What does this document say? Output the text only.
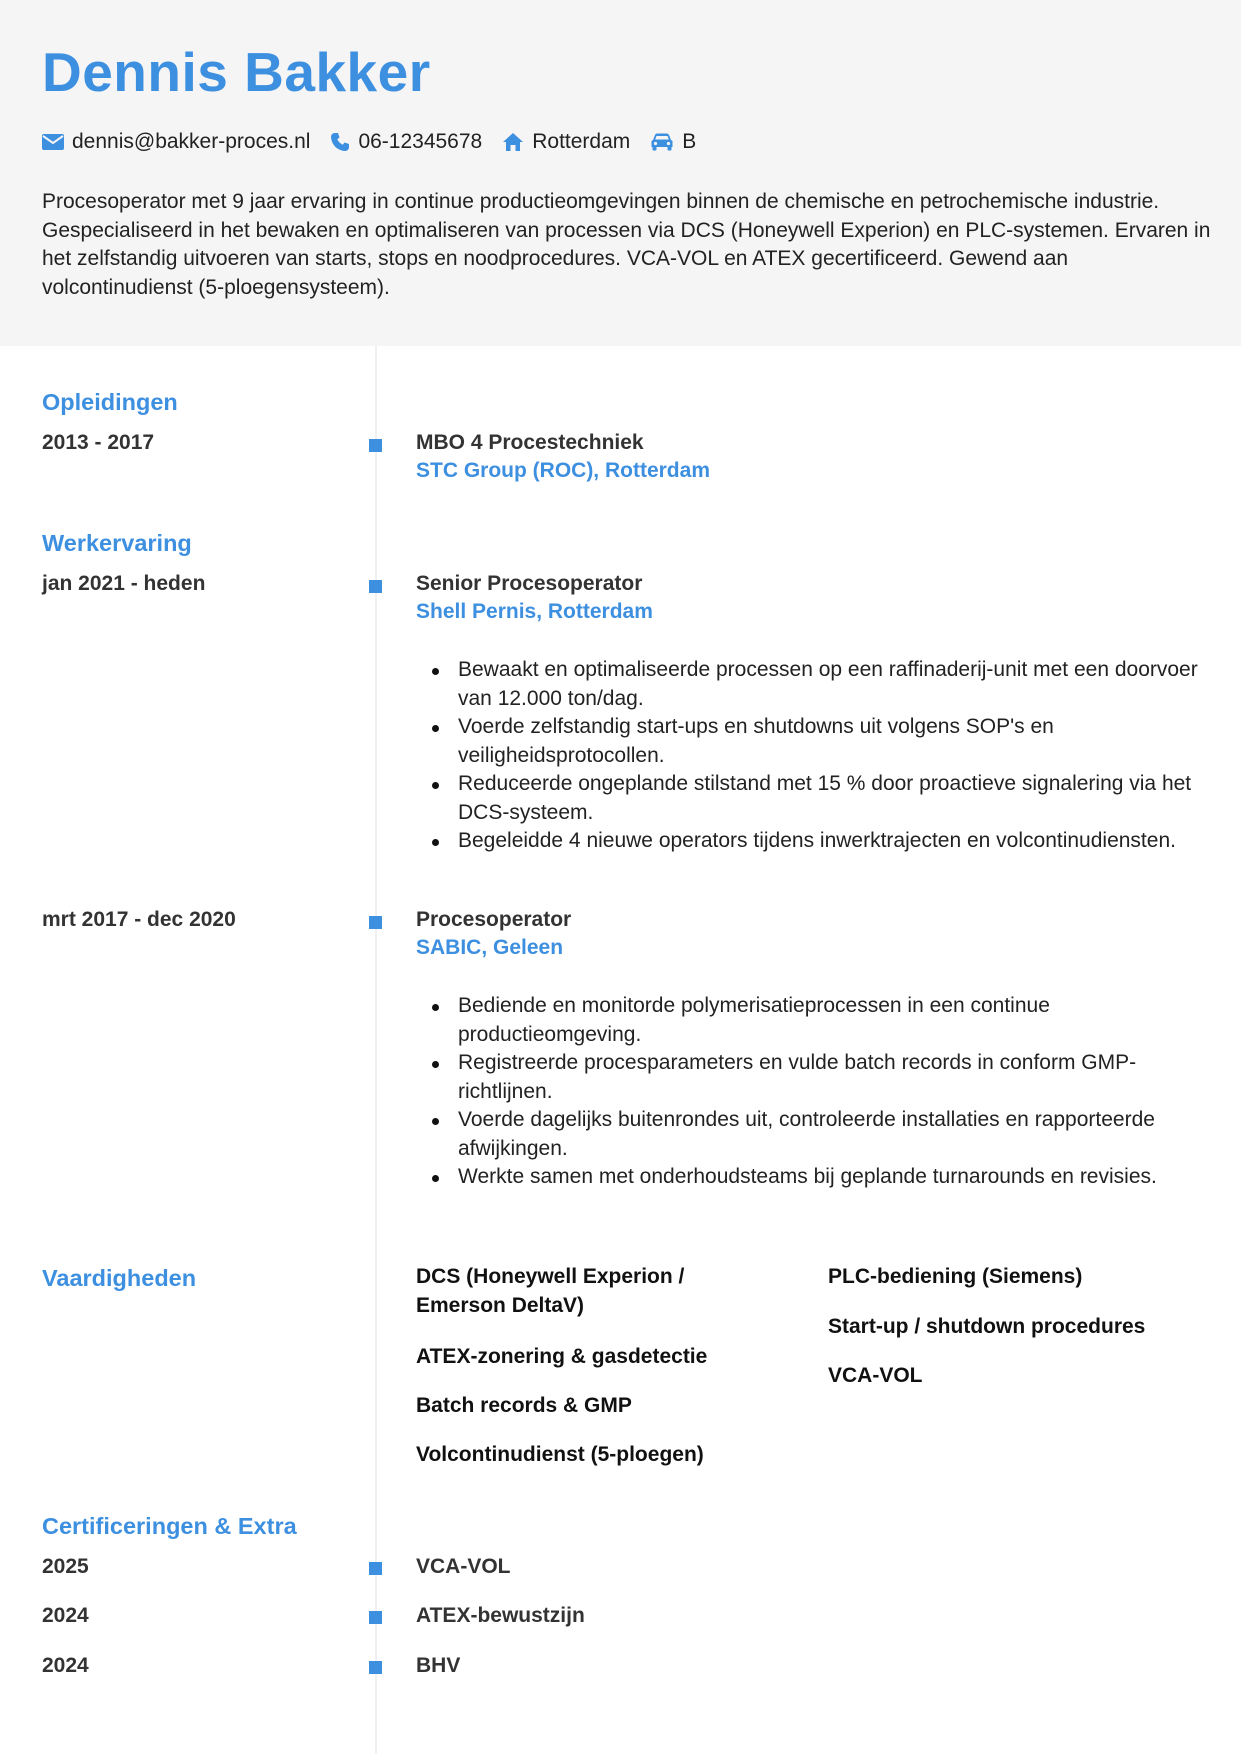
Dennis Bakker
dennis@bakker-proces.nl 06-12345678 Rotterdam B

Procesoperator met 9 jaar ervaring in continue productieomgevingen binnen de chemische en petrochemische industrie. Gespecialiseerd in het bewaken en optimaliseren van processen via DCS (Honeywell Experion) en PLC-systemen. Ervaren in het zelfstandig uitvoeren van starts, stops en noodprocedures. VCA-VOL en ATEX gecertificeerd. Gewend aan volcontinudienst (5-ploegensysteem).

Opleidingen
2013 - 2017	MBO 4 Procestechniek
STC Group (ROC), Rotterdam
Werkervaring
jan 2021 - heden	Senior Procesoperator
Shell Pernis, Rotterdam
Bewaakt en optimaliseerde processen op een raffinaderij-unit met een doorvoer van 12.000 ton/dag.
Voerde zelfstandig start-ups en shutdowns uit volgens SOP's en veiligheidsprotocollen.
Reduceerde ongeplande stilstand met 15 % door proactieve signalering via het DCS-systeem.
Begeleidde 4 nieuwe operators tijdens inwerktrajecten en volcontinudiensten.
mrt 2017 - dec 2020	Procesoperator
SABIC, Geleen
Bediende en monitorde polymerisatieprocessen in een continue productieomgeving.
Registreerde procesparameters en vulde batch records in conform GMP-richtlijnen.
Voerde dagelijks buitenrondes uit, controleerde installaties en rapporteerde afwijkingen.
Werkte samen met onderhoudsteams bij geplande turnarounds en revisies.
Vaardigheden	DCS (Honeywell Experion / Emerson DeltaV)
ATEX-zonering & gasdetectie
Batch records & GMP
Volcontinudienst (5-ploegen)
PLC-bediening (Siemens)
Start-up / shutdown procedures
VCA-VOL
Certificeringen & Extra
2025	VCA-VOL
2024	ATEX-bewustzijn
2024	BHV
